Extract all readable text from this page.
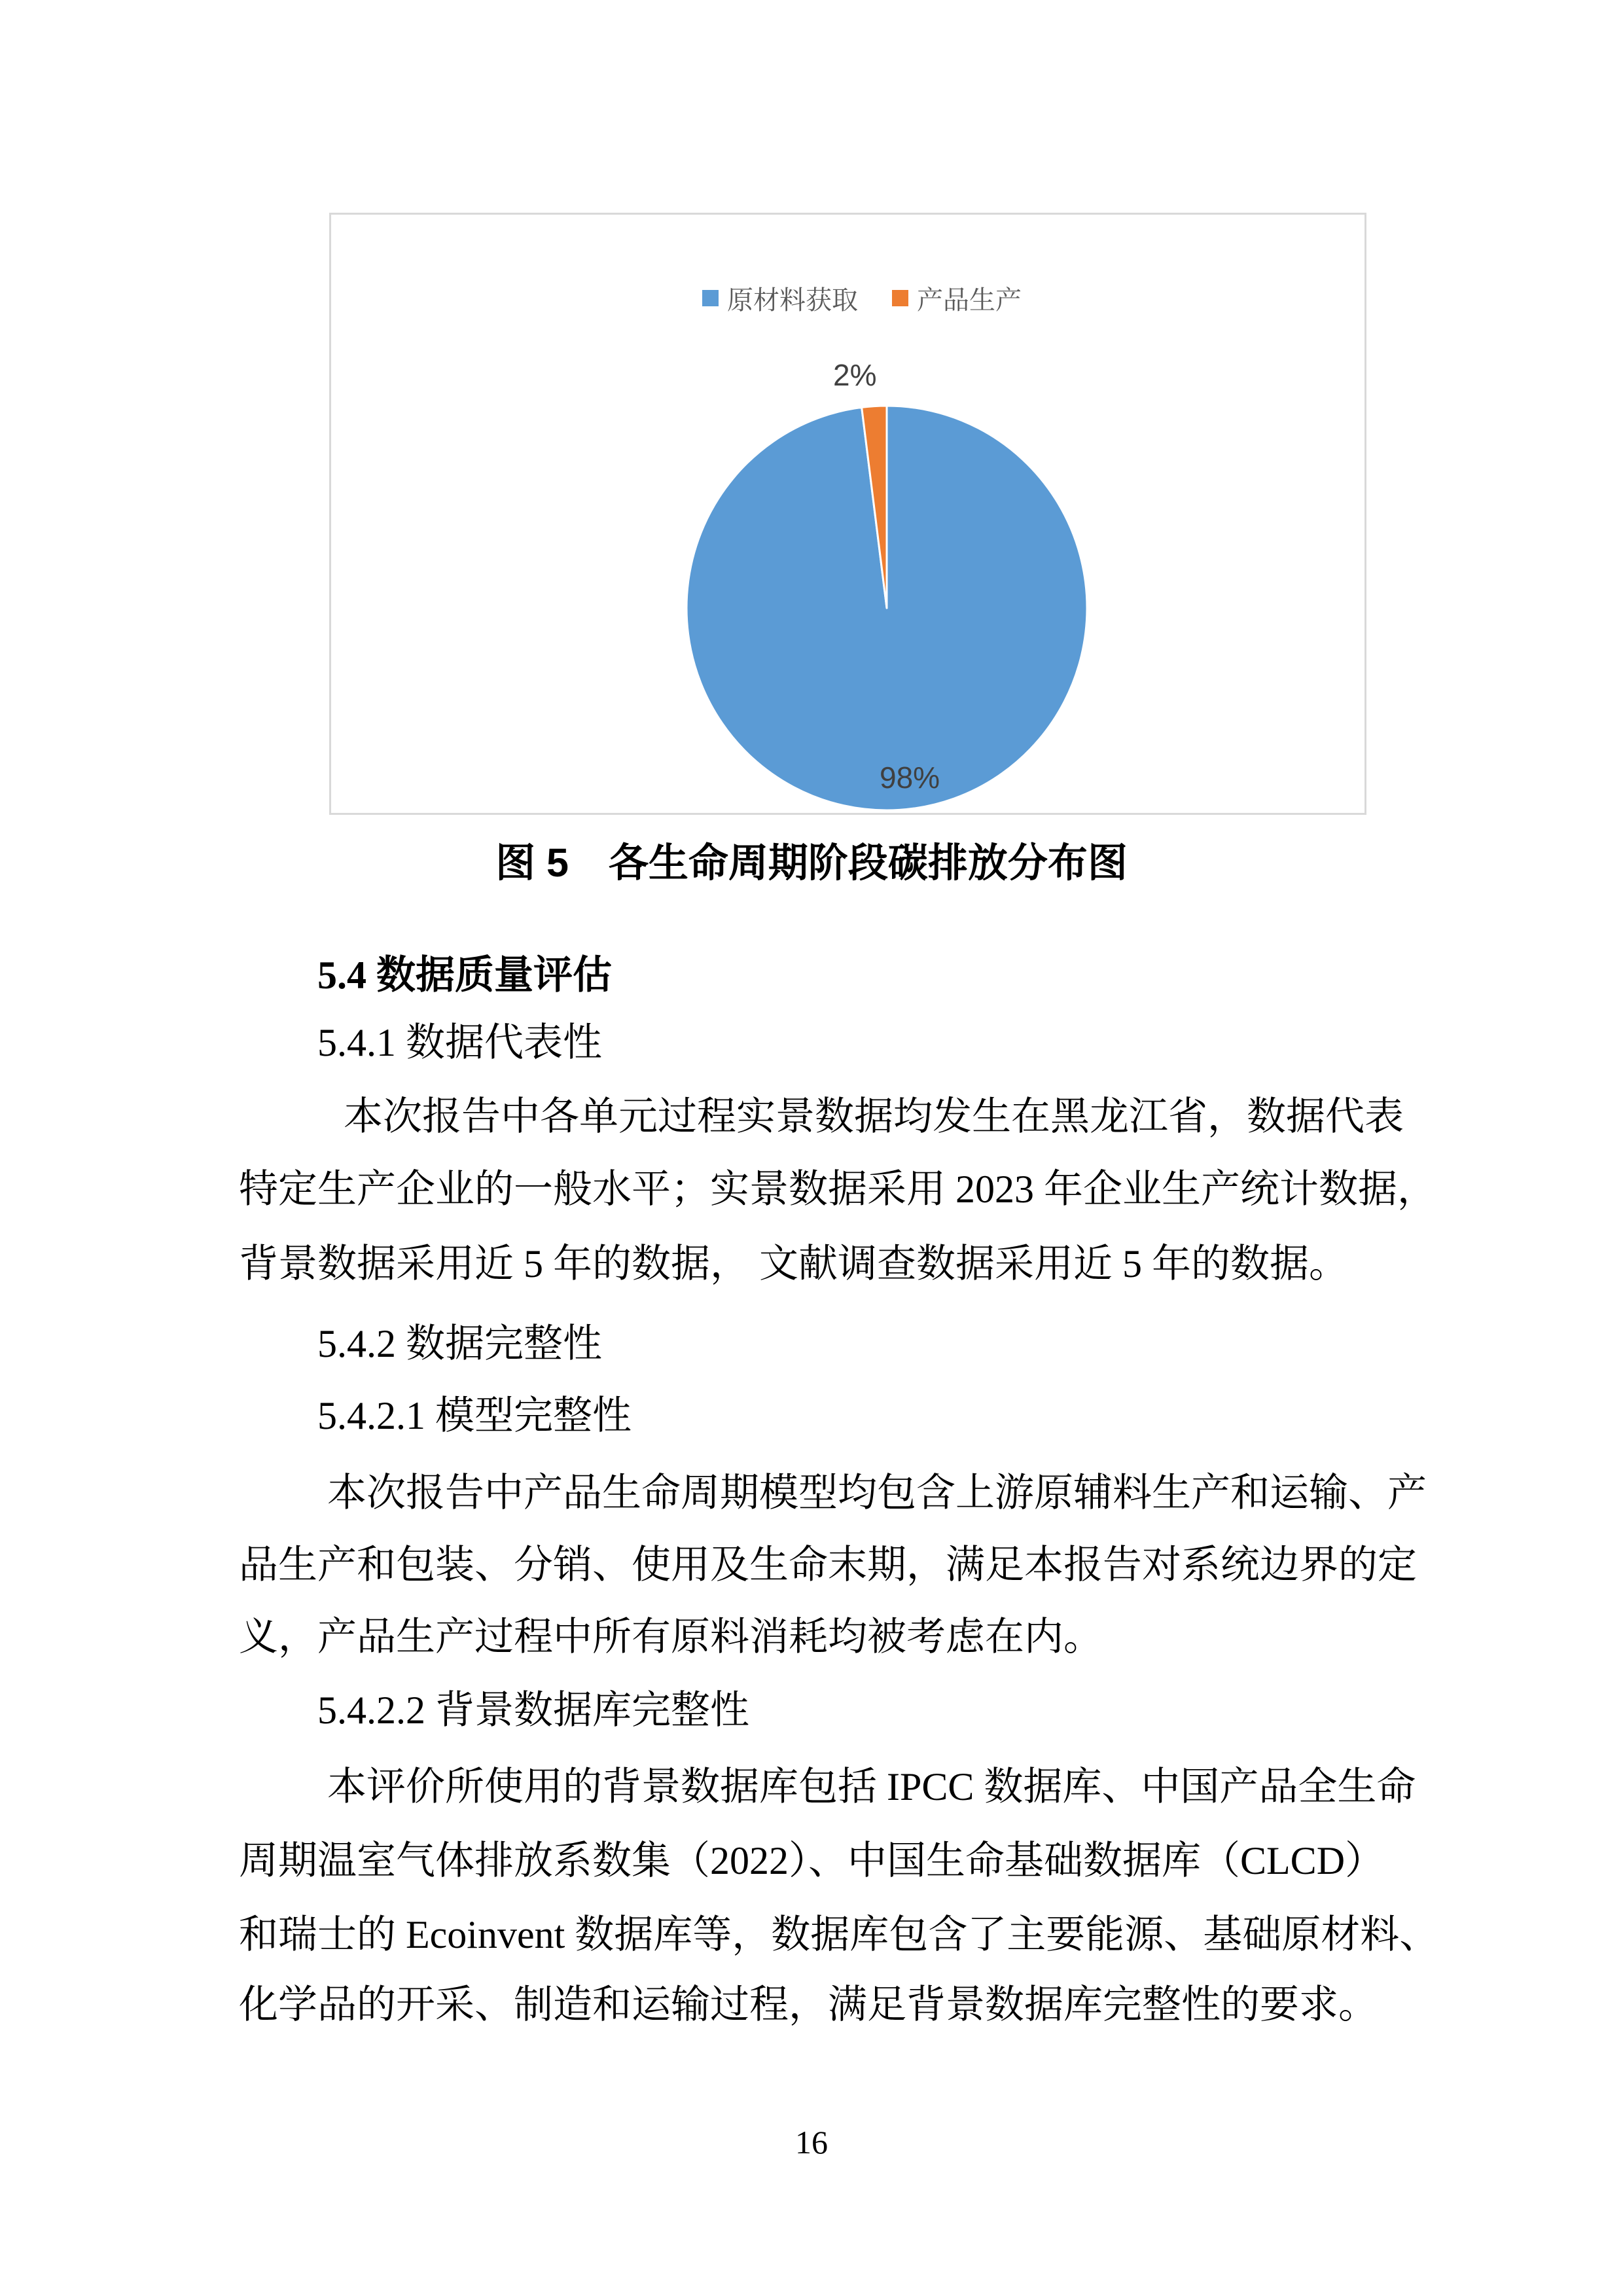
原材料获取 产品生产
2%
98%
图 5　各生命周期阶段碳排放分布图
5.4 数据质量评估
5.4.1 数据代表性
本次报告中各单元过程实景数据均发生在黑龙江省，数据代表
特定生产企业的一般水平；实景数据采用 2023 年企业生产统计数据，
背景数据采用近 5 年的数据， 文献调查数据采用近 5 年的数据。
5.4.2 数据完整性
5.4.2.1 模型完整性
本次报告中产品生命周期模型均包含上游原辅料生产和运输、产
品生产和包装、分销、使用及生命末期，满足本报告对系统边界的定
义，产品生产过程中所有原料消耗均被考虑在内。
5.4.2.2 背景数据库完整性
本评价所使用的背景数据库包括 IPCC 数据库、中国产品全生命
周期温室气体排放系数集（2022）、中国生命基础数据库（CLCD）
和瑞士的 Ecoinvent 数据库等，数据库包含了主要能源、基础原材料、
化学品的开采、制造和运输过程，满足背景数据库完整性的要求。
16
